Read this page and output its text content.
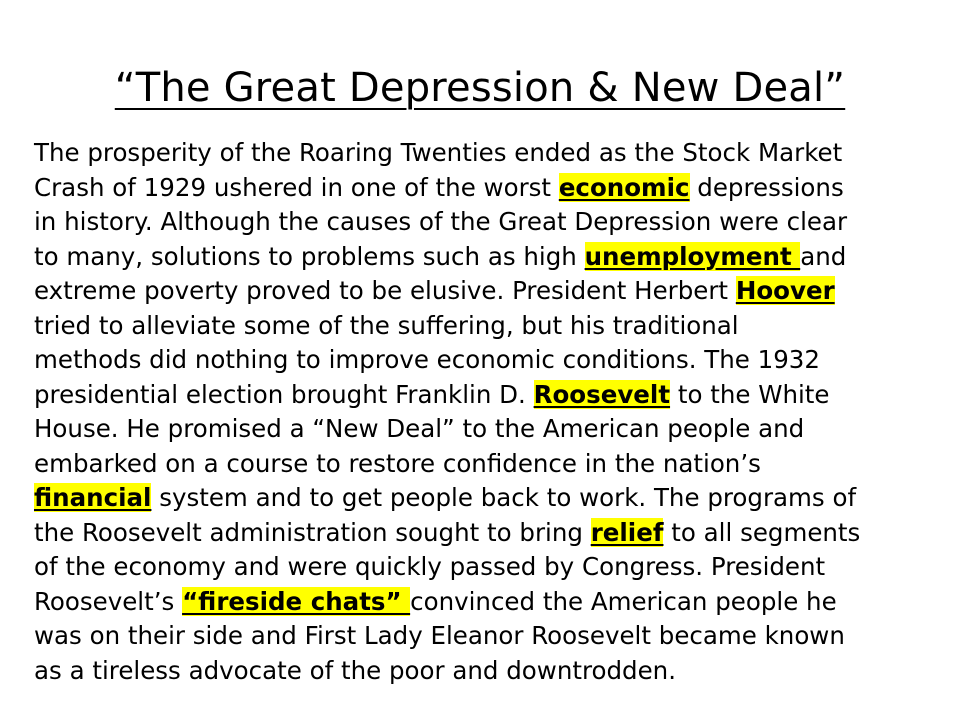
“The Great Depression & New Deal”
The prosperity of the Roaring Twenties ended as the Stock Market
Crash of 1929 ushered in one of the worst economic depressions
in history. Although the causes of the Great Depression were clear
to many, solutions to problems such as high unemployment and
extreme poverty proved to be elusive. President Herbert Hoover
tried to alleviate some of the suffering, but his traditional
methods did nothing to improve economic conditions. The 1932
presidential election brought Franklin D. Roosevelt to the White
House. He promised a “New Deal” to the American people and
embarked on a course to restore confidence in the nation’s
financial system and to get people back to work. The programs of
the Roosevelt administration sought to bring relief to all segments
of the economy and were quickly passed by Congress. President
Roosevelt’s “fireside chats” convinced the American people he
was on their side and First Lady Eleanor Roosevelt became known
as a tireless advocate of the poor and downtrodden.
